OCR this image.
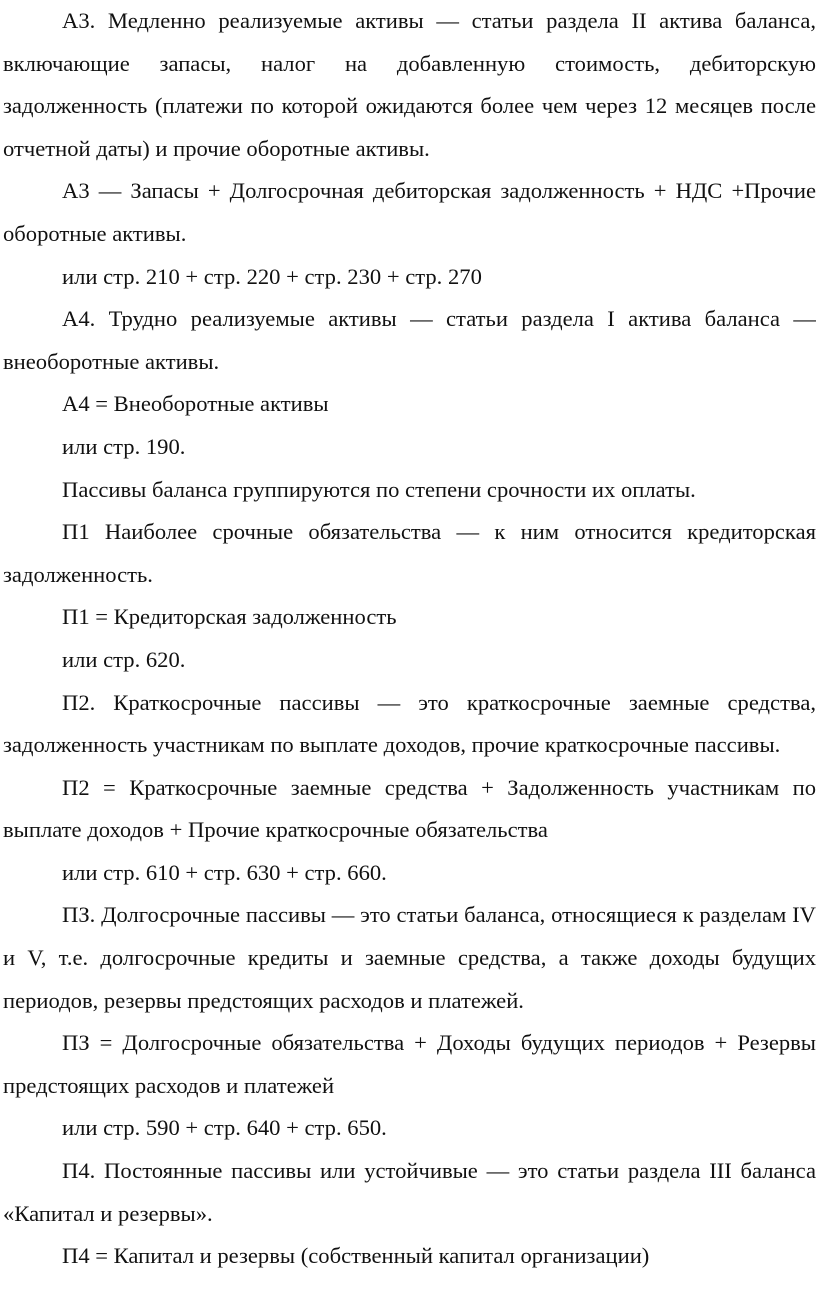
А3. Медленно реализуемые активы — статьи раздела II актива баланса, включающие запасы, налог на добавленную стоимость, дебиторскую задолженность (платежи по которой ожидаются более чем через 12 месяцев после отчетной даты) и прочие оборотные активы.

А3 — Запасы + Долгосрочная дебиторская задолженность + НДС +Прочие оборотные активы.

или стр. 210 + стр. 220 + стр. 230 + стр. 270

А4. Трудно реализуемые активы — статьи раздела I актива баланса — внеоборотные активы.

А4 = Внеоборотные активы

или стр. 190.

Пассивы баланса группируются по степени срочности их оплаты.

П1 Наиболее срочные обязательства — к ним относится кредиторская задолженность.

П1 = Кредиторская задолженность

или стр. 620.

П2. Краткосрочные пассивы — это краткосрочные заемные средства, задолженность участникам по выплате доходов, прочие краткосрочные пассивы.

П2 = Краткосрочные заемные средства + Задолженность участникам по выплате доходов + Прочие краткосрочные обязательства

или стр. 610 + стр. 630 + стр. 660.

ПЗ. Долгосрочные пассивы — это статьи баланса, относящиеся к разделам IV и V, т.е. долгосрочные кредиты и заемные средства, а также доходы будущих периодов, резервы предстоящих расходов и платежей.

ПЗ = Долгосрочные обязательства + Доходы будущих периодов + Резервы предстоящих расходов и платежей

или стр. 590 + стр. 640 + стр. 650.

П4. Постоянные пассивы или устойчивые — это статьи раздела III баланса «Капитал и резервы».

П4 = Капитал и резервы (собственный капитал организации)
